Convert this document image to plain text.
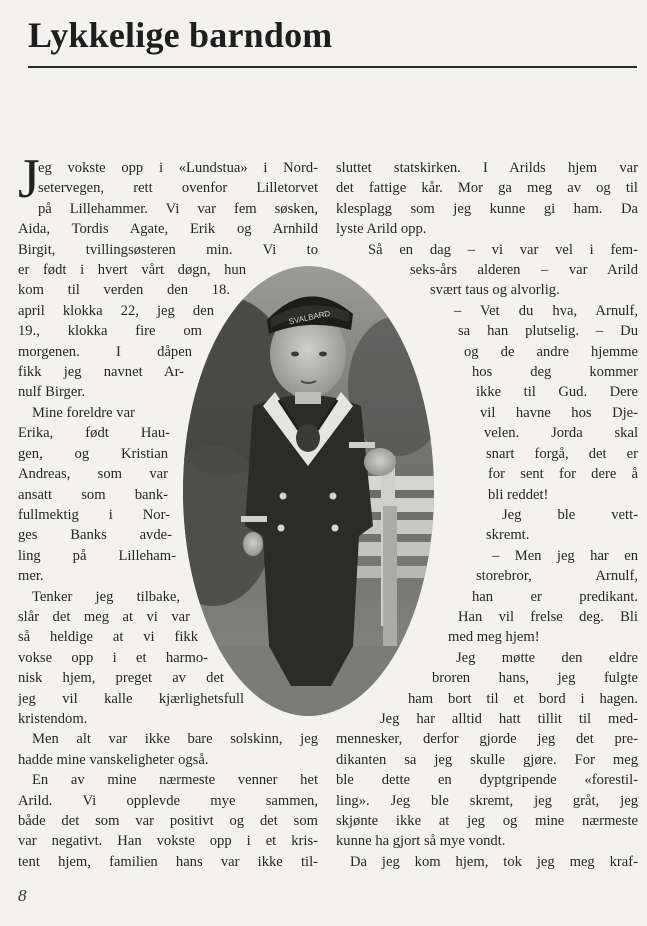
Lykkelige barndom
J
eg vokste opp i «Lundstua» i Nord-
setervegen, rett ovenfor Lilletorvet
på Lillehammer. Vi var fem søsken,
Aida, Tordis Agate, Erik og Arnhild
Birgit, tvillingsøsteren min. Vi to
er født i hvert vårt døgn, hun
kom til verden den 18.
april klokka 22, jeg den
19., klokka fire om
morgenen. I dåpen
fikk jeg navnet Ar-
nulf Birger.
Mine foreldre var
Erika, født Hau-
gen, og Kristian
Andreas, som var
ansatt som bank-
fullmektig i Nor-
ges Banks avde-
ling på Lilleham-
mer.
Tenker jeg tilbake,
slår det meg at vi var
så heldige at vi fikk
vokse opp i et harmo-
nisk hjem, preget av det
jeg vil kalle kjærlighetsfull
kristendom.
Men alt var ikke bare solskinn, jeg
hadde mine vanskeligheter også.
En av mine nærmeste venner het
Arild. Vi opplevde mye sammen,
både det som var positivt og det som
var negativt. Han vokste opp i et kris-
tent hjem, familien hans var ikke til-
sluttet statskirken. I Arilds hjem var
det fattige kår. Mor ga meg av og til
klesplagg som jeg kunne gi ham. Da
lyste Arild opp.
Så en dag – vi var vel i fem-
seks-års alderen – var Arild
svært taus og alvorlig.
– Vet du hva, Arnulf,
sa han plutselig. – Du
og de andre hjemme
hos deg kommer
ikke til Gud. Dere
vil havne hos Dje-
velen. Jorda skal
snart forgå, det er
for sent for dere å
bli reddet!
Jeg ble vett-
skremt.
– Men jeg har en
storebror, Arnulf,
han er predikant.
Han vil frelse deg. Bli
med meg hjem!
Jeg møtte den eldre
broren hans, jeg fulgte
ham bort til et bord i hagen.
Jeg har alltid hatt tillit til med-
mennesker, derfor gjorde jeg det pre-
dikanten sa jeg skulle gjøre. For meg
ble dette en dyptgripende «forestil-
ling». Jeg ble skremt, jeg gråt, jeg
skjønte ikke at jeg og mine nærmeste
kunne ha gjort så mye vondt.
Da jeg kom hjem, tok jeg meg kraf-
SVALBARD
8
